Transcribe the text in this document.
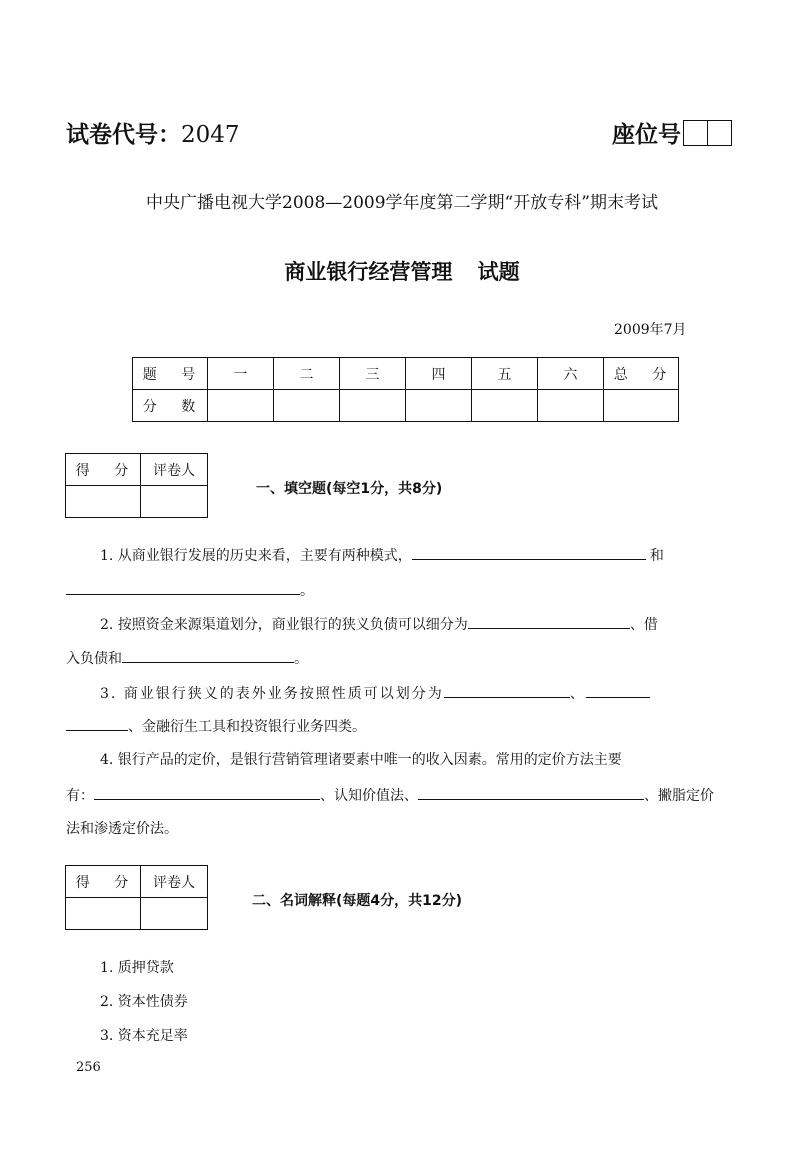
试卷代号：2047	座位号
中央广播电视大学2008—2009学年度第二学期“开放专科”期末考试
商业银行经营管理 试题
2009年7月
题 号	一	二	三	四	五	六	总 分
分 数							
得 分	评卷人

一、填空题(每空1分，共8分)
1. 从商业银行发展的历史来看，主要有两种模式，	和
。
2. 按照资金来源渠道划分，商业银行的狭义负债可以细分为	、借
入负债和	。
3. 商业银行狭义的表外业务按照性质可以划分为	、
、金融衍生工具和投资银行业务四类。
4. 银行产品的定价，是银行营销管理诸要素中唯一的收入因素。常用的定价方法主要
有：	、认知价值法、	、撇脂定价
法和渗透定价法。
得 分	评卷人

二、名词解释(每题4分，共12分)
1. 质押贷款
2. 资本性债券
3. 资本充足率
256
